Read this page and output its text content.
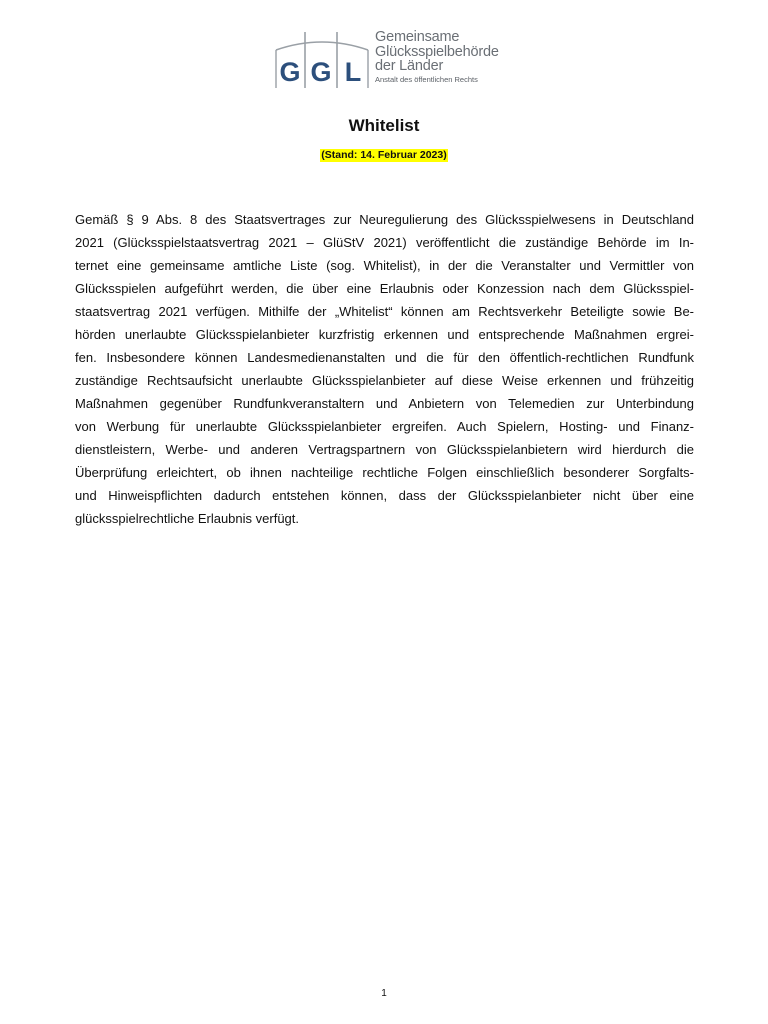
G G L
Gemeinsame
Glücksspielbehörde
der Länder
Anstalt des öffentlichen Rechts
Whitelist
(Stand: 14. Februar 2023)
Gemäß § 9 Abs. 8 des Staatsvertrages zur Neuregulierung des Glücksspielwesens in Deutschland
2021 (Glücksspielstaatsvertrag 2021 – GlüStV 2021) veröffentlicht die zuständige Behörde im In-
ternet eine gemeinsame amtliche Liste (sog. Whitelist), in der die Veranstalter und Vermittler von
Glücksspielen aufgeführt werden, die über eine Erlaubnis oder Konzession nach dem Glücksspiel-
staatsvertrag 2021 verfügen. Mithilfe der „Whitelist“ können am Rechtsverkehr Beteiligte sowie Be-
hörden unerlaubte Glücksspielanbieter kurzfristig erkennen und entsprechende Maßnahmen ergrei-
fen. Insbesondere können Landesmedienanstalten und die für den öffentlich-rechtlichen Rundfunk
zuständige Rechtsaufsicht unerlaubte Glücksspielanbieter auf diese Weise erkennen und frühzeitig
Maßnahmen gegenüber Rundfunkveranstaltern und Anbietern von Telemedien zur Unterbindung
von Werbung für unerlaubte Glücksspielanbieter ergreifen. Auch Spielern, Hosting- und Finanz-
dienstleistern, Werbe- und anderen Vertragspartnern von Glücksspielanbietern wird hierdurch die
Überprüfung erleichtert, ob ihnen nachteilige rechtliche Folgen einschließlich besonderer Sorgfalts-
und Hinweispflichten dadurch entstehen können, dass der Glücksspielanbieter nicht über eine
glücksspielrechtliche Erlaubnis verfügt.
1
